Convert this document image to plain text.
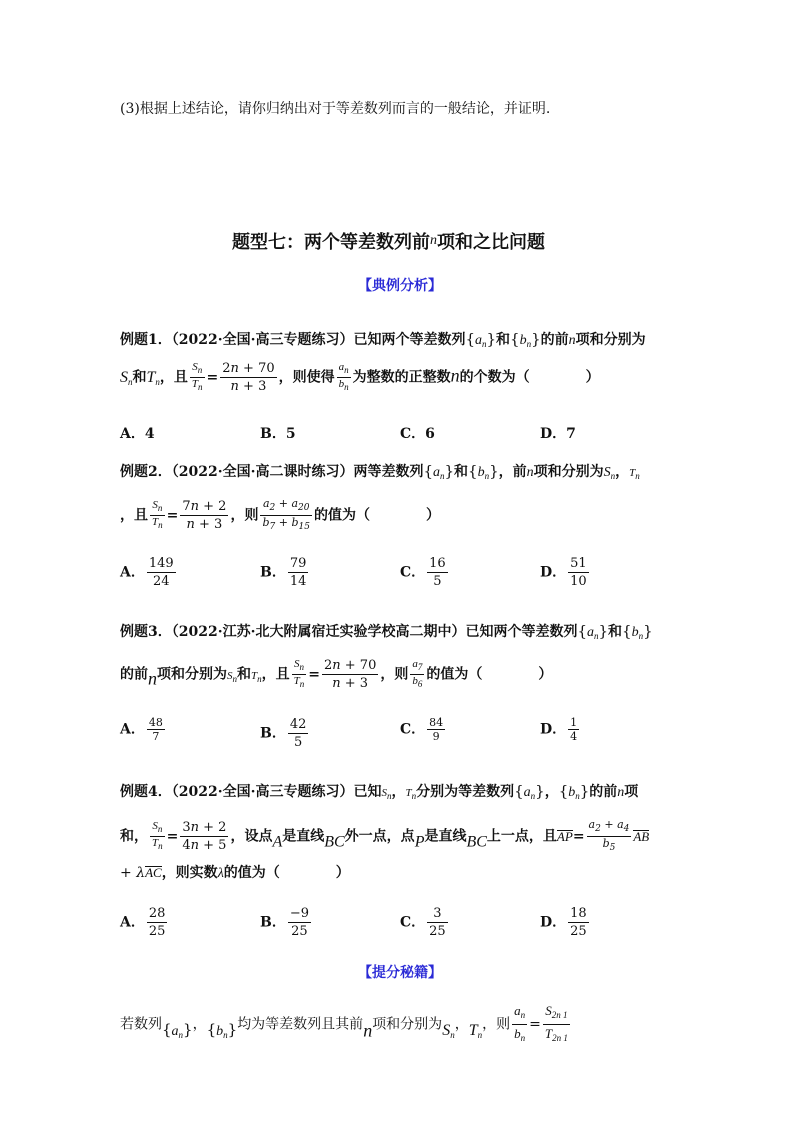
(3)根据上述结论，请你归纳出对于等差数列而言的一般结论，并证明.
题型七：两个等差数列前$^n$项和之比问题
【典例分析】
例题1．（2022·全国·高三专题练习）已知两个等差数列$\{a_n\}$和$\{b_n\}$的前n项和分别为
$S_n$和$T_n$，且 $\frac{S_n}{T_n} = \frac{2n + 70}{n + 3}$ ，则使得 $\frac{a_n}{b_n}$ 为整数的正整数n的个数为（　　　　）
A．4	B．5	C．6	D．7
例题2．（2022·全国·高二课时练习）两等差数列$\{a_n\}$和$\{b_n\}$，前n项和分别为$S_n$，$T_n$
，且 $\frac{S_n}{T_n} = \frac{7n + 2}{n + 3}$ ，则 $\frac{a_2 + a_{20}}{b_7 + b_{15}}$ 的值为（　　　　）
A． $\frac{149}{24}$	B． $\frac{79}{14}$	C． $\frac{16}{5}$	D． $\frac{51}{10}$
例题3．（2022·江苏·北大附属宿迁实验学校高二期中）已知两个等差数列$\{a_n\}$和$\{b_n\}$
的前n项和分别为$S_n$和$T_n$，且 $\frac{S_n}{T_n} = \frac{2n + 70}{n + 3}$ ，则 $\frac{a_7}{b_6}$ 的值为（　　　　）
A． $\frac{48}{7}$	B． $\frac{42}{5}$	C． $\frac{84}{9}$	D． $\frac{1}{4}$
例题4．（2022·全国·高三专题练习）已知$S_n$，$T_n$分别为等差数列$\{a_n\}$，$\{b_n\}$的前n项
和， $\frac{S_n}{T_n} = \frac{3n + 2}{4n + 5}$ ，设点A是直线BC外一点，点P是直线BC上一点，且$AP= \frac{a_2 + a_4}{b_5}$ AB
+ λAC，则实数λ的值为（　　　　）
A． $\frac{28}{25}$	B． $\frac{-9}{25}$	C． $\frac{3}{25}$	D． $\frac{18}{25}$
【提分秘籍】
若数列$\{a_n\}$，$\{b_n\}$均为等差数列且其前n项和分别为$S_n$，$T_n$，则 $\frac{a_n}{b_n} = \frac{S_{2n 1}}{T_{2n 1}}$
